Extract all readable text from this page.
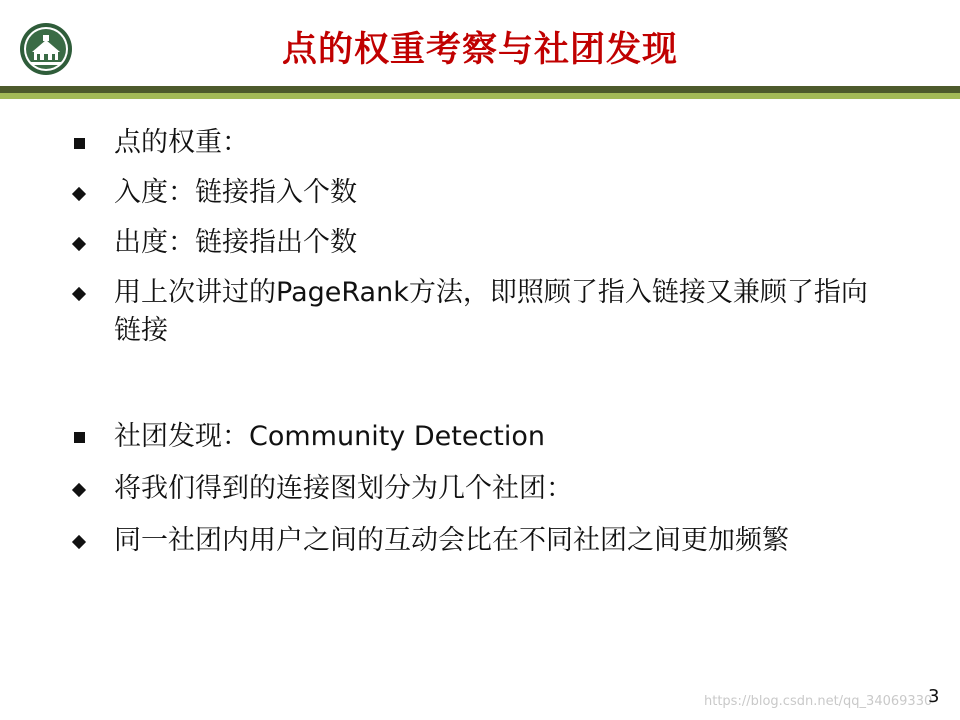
点的权重考察与社团发现
点的权重：
入度：链接指入个数
出度：链接指出个数
用上次讲过的PageRank方法，即照顾了指入链接又兼顾了指向链接
社团发现：Community Detection
将我们得到的连接图划分为几个社团：
同一社团内用户之间的互动会比在不同社团之间更加频繁
https://blog.csdn.net/qq_34069330
3
